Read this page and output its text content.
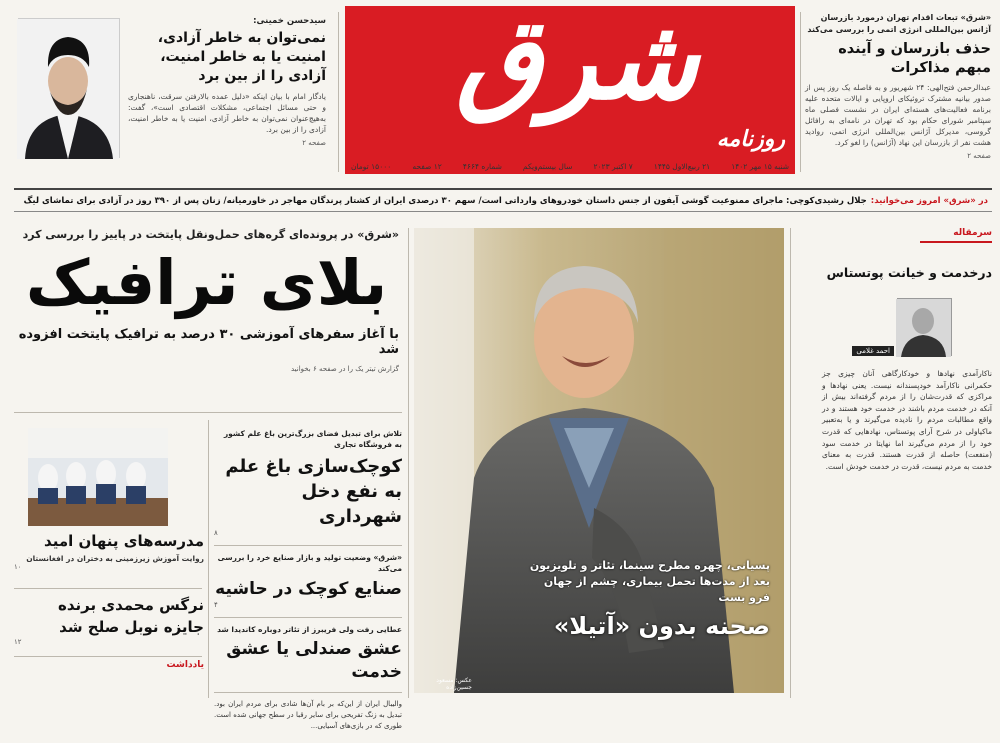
شرق
روزنامه
شنبه ۱۵ مهر ۱۴۰۲
۲۱ ربیع‌الاول ۱۴۴۵
۷ اکتبر ۲۰۲۳
سال بیستم‌ویکم
شماره ۴۶۶۴
۱۲ صفحه
۱۵۰۰۰ تومان
«شرق» تبعات اقدام تهران درمورد بازرسان آژانس بین‌المللی انرژی اتمی را بررسی می‌کند
حذف بازرسان و آینده مبهم مذاکرات
عبدالرحمن فتح‌الهی: ۲۴ شهریور و به فاصله یک روز پس از صدور بیانیه مشترک تروئیکای اروپایی و ایالات متحده علیه برنامه فعالیت‌های هسته‌ای ایران در نشست فصلی ماه سپتامبر شورای حکام بود که تهران در نامه‌ای به رافائل گروسی، مدیرکل آژانس بین‌المللی انرژی اتمی، رواديد هشت نفر از بازرسان این نهاد (آژانس) را لغو کرد.
صفحه ۲
سیدحسن خمینی:
نمی‌توان به خاطر آزادی، امنیت یا به خاطر امنیت، آزادی را از بین برد
یادگار امام با بیان اینکه «دلیل عمده بالارفتن سرقت، ناهنجاری و حتی مسائل اجتماعی، مشکلات اقتصادی است»، گفت: به‌هیچ‌عنوان نمی‌توان به خاطر آزادی، امنیت یا به خاطر امنیت، آزادی را از بین برد.
صفحه ۲
در «شرق» امروز می‌خوانید:
جلال رشیدی‌کوچی: ماجرای ممنوعیت گوشی آیفون از جنس داستان خودروهای وارداتی است/ سهم ۳۰ درصدی ایران از کشتار پرندگان مهاجر در خاورمیانه/ زنان پس از ۳۹۰ روز در آزادی برای تماشای لیگ
«شرق» در پرونده‌ای گره‌های حمل‌ونقل پایتخت در پاییز را بررسی کرد
بلای ترافیک
با آغاز سفرهای آموزشی ۳۰ درصد به ترافیک پایتخت افزوده شد
گزارش تیتر یک را در صفحه ۶ بخوانید
پسیانی، چهره مطرح سینما، تئاتر و تلویزیون بعد از مدت‌ها تحمل بیماری، چشم از جهان فرو بست
صحنه بدون «آتیلا»
عکس: مسعود جسین‌زاده
سرمقاله
درخدمت و خیانت پوتستاس
احمد غلامی
ناکارآمدی نهادها و خودکارگاهی آنان چیزی جز حکمرانی ناکارآمد خودپسندانه نیست. یعنی نهادها و مراکزی که قدرت‌شان را از مردم گرفته‌اند بیش از آنکه در خدمت مردم باشند در خدمت خود هستند و در واقع مطالبات مردم را نادیده می‌گیرند و یا به‌تعبیر ماکیاولی در شرح آرای پوتستاس، نهادهایی که قدرت خود را از مردم می‌گیرند اما نهایتا در خدمت سود (منفعت) حاصله از قدرت هستند. قدرت به معنای خدمت به مردم نیست، قدرت در خدمت خودش است.
مدرسه‌های پنهان امید
روایت آموزش زیرزمینی به دختران در افغانستان
۱۰
نرگس محمدی برنده جایزه نوبل صلح شد
۱۲
یادداشت
تلاش برای تبدیل فضای بزرگ‌ترین باغ علم کشور به فروشگاه تجاری
کوچک‌سازی باغ علم به نفع دخل شهرداری
۸
«شرق» وضعیت تولید و بازار صنایع خرد را بررسی می‌کند
صنایع کوچک در حاشیه
۴
عطایی رفت ولی فریبرز از تئاتر دوباره کاندیدا شد
عشق صندلی یا عشق خدمت
والیبال ایران از این‌که بر بام آن‌ها شادی برای مردم ایران بود. تبدیل به زنگ تفریحی برای سایر رقبا در سطح جهانی شده است. طوری که در بازی‌های آسیایی...
